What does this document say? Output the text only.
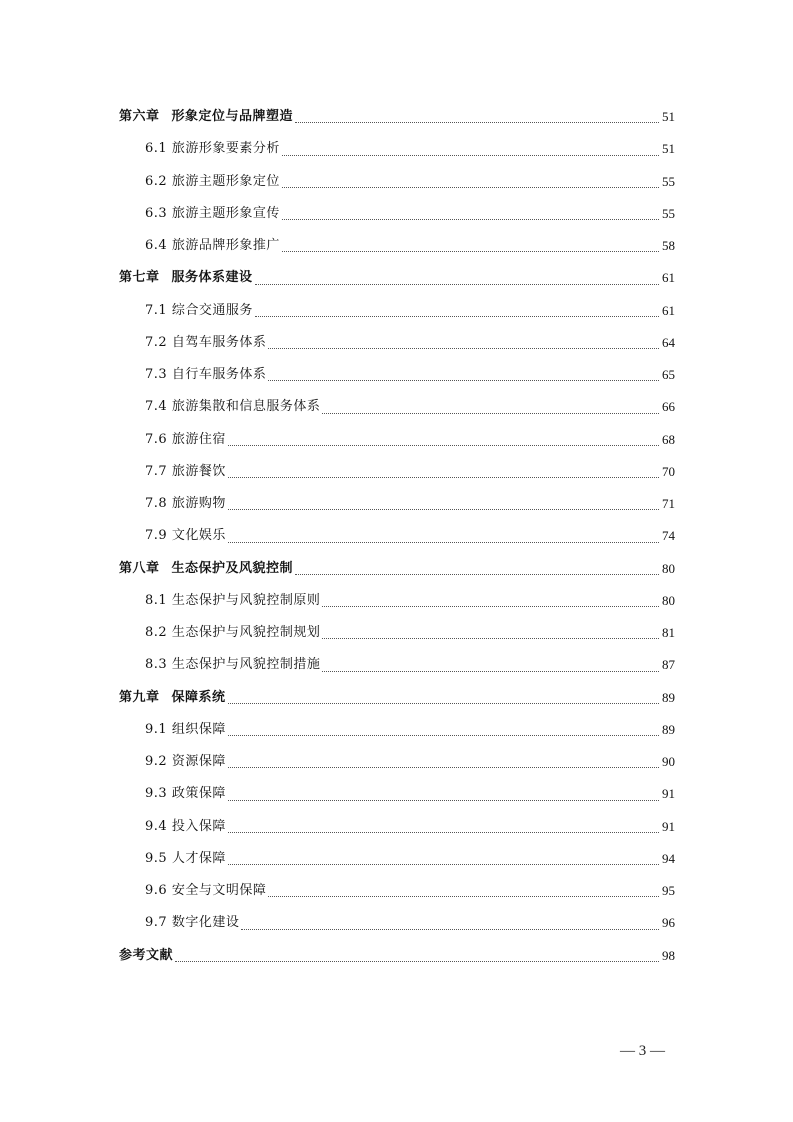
第六章 形象定位与品牌塑造	51
6.1 旅游形象要素分析	51
6.2 旅游主题形象定位	55
6.3 旅游主题形象宣传	55
6.4 旅游品牌形象推广	58
第七章 服务体系建设	61
7.1 综合交通服务	61
7.2 自驾车服务体系	64
7.3 自行车服务体系	65
7.4 旅游集散和信息服务体系	66
7.6 旅游住宿	68
7.7 旅游餐饮	70
7.8 旅游购物	71
7.9 文化娱乐	74
第八章 生态保护及风貌控制	80
8.1 生态保护与风貌控制原则	80
8.2 生态保护与风貌控制规划	81
8.3 生态保护与风貌控制措施	87
第九章 保障系统	89
9.1 组织保障	89
9.2 资源保障	90
9.3 政策保障	91
9.4 投入保障	91
9.5 人才保障	94
9.6 安全与文明保障	95
9.7 数字化建设	96
参考文献	98
— 3 —
